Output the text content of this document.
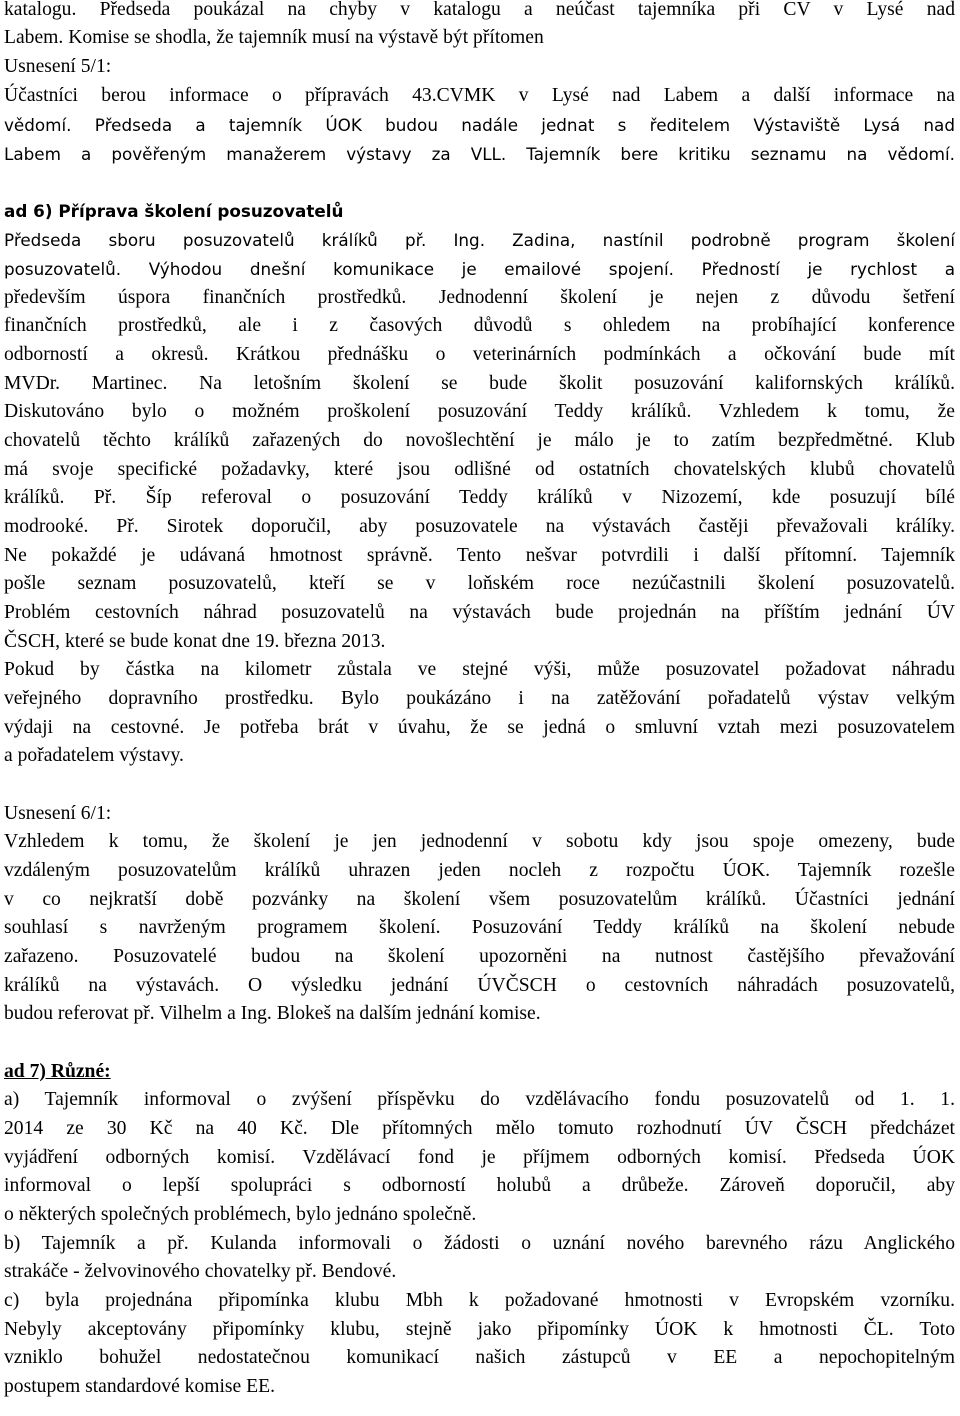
katalogu. Předseda poukázal na chyby v katalogu a neúčast tajemníka při CV v Lysé nad
Labem. Komise se shodla, že tajemník musí na výstavě být přítomen
Usnesení 5/1:
Účastníci berou informace o přípravách 43.CVMK v Lysé nad Labem a další informace na
vědomí. Předseda a tajemník ÚOK budou nadále jednat s ředitelem Výstaviště Lysá nad
Labem a pověřeným manažerem výstavy za VLL. Tajemník bere kritiku seznamu na vědomí.
ad 6) Příprava školení posuzovatelů
Předseda sboru posuzovatelů králíků př. Ing. Zadina, nastínil podrobně program školení
posuzovatelů. Výhodou dnešní komunikace je emailové spojení. Předností je rychlost a
především úspora finančních prostředků. Jednodenní školení je nejen z důvodu šetření
finančních prostředků, ale i z časových důvodů s ohledem na probíhající konference
odborností a okresů. Krátkou přednášku o veterinárních podmínkách a očkování bude mít
MVDr. Martinec. Na letošním školení se bude školit posuzování kalifornských králíků.
Diskutováno bylo o možném proškolení posuzování Teddy králíků. Vzhledem k tomu, že
chovatelů těchto králíků zařazených do novošlechtění je málo je to zatím bezpředmětné. Klub
má svoje specifické požadavky, které jsou odlišné od ostatních chovatelských klubů chovatelů
králíků. Př. Šíp referoval o posuzování Teddy králíků v Nizozemí, kde posuzují bílé
modrooké. Př. Sirotek doporučil, aby posuzovatele na výstavách častěji převažovali králíky.
Ne pokaždé je udávaná hmotnost správně. Tento nešvar potvrdili i další přítomní. Tajemník
pošle seznam posuzovatelů, kteří se v loňském roce nezúčastnili školení posuzovatelů.
Problém cestovních náhrad posuzovatelů na výstavách bude projednán na příštím jednání ÚV
ČSCH, které se bude konat dne 19. března 2013.
Pokud by částka na kilometr zůstala ve stejné výši, může posuzovatel požadovat náhradu
veřejného dopravního prostředku. Bylo poukázáno i na zatěžování pořadatelů výstav velkým
výdaji na cestovné. Je potřeba brát v úvahu, že se jedná o smluvní vztah mezi posuzovatelem
a pořadatelem výstavy.
Usnesení 6/1:
Vzhledem k tomu, že školení je jen jednodenní v sobotu kdy jsou spoje omezeny, bude
vzdáleným posuzovatelům králíků uhrazen jeden nocleh z rozpočtu ÚOK. Tajemník rozešle
v co nejkratší době pozvánky na školení všem posuzovatelům králíků. Účastníci jednání
souhlasí s navrženým programem školení. Posuzování Teddy králíků na školení nebude
zařazeno. Posuzovatelé budou na školení upozorněni na nutnost častějšího převažování
králíků na výstavách. O výsledku jednání ÚVČSCH o cestovních náhradách posuzovatelů,
budou referovat př. Vilhelm a Ing. Blokeš na dalším jednání komise.
ad 7) Různé:
a) Tajemník informoval o zvýšení příspěvku do vzdělávacího fondu posuzovatelů od 1. 1.
2014 ze 30 Kč na 40 Kč. Dle přítomných mělo tomuto rozhodnutí ÚV ČSCH předcházet
vyjádření odborných komisí. Vzdělávací fond je příjmem odborných komisí. Předseda ÚOK
informoval o lepší spolupráci s odborností holubů a drůbeže. Zároveň doporučil, aby
o některých společných problémech, bylo jednáno společně.
b) Tajemník a př. Kulanda informovali o žádosti o uznání nového barevného rázu Anglického
strakáče - želvovinového chovatelky př. Bendové.
c) byla projednána připomínka klubu Mbh k požadované hmotnosti v Evropském vzorníku.
Nebyly akceptovány připomínky klubu, stejně jako připomínky ÚOK k hmotnosti ČL. Toto
vzniklo bohužel nedostatečnou komunikací našich zástupců v EE a nepochopitelným
postupem standardové komise EE.
